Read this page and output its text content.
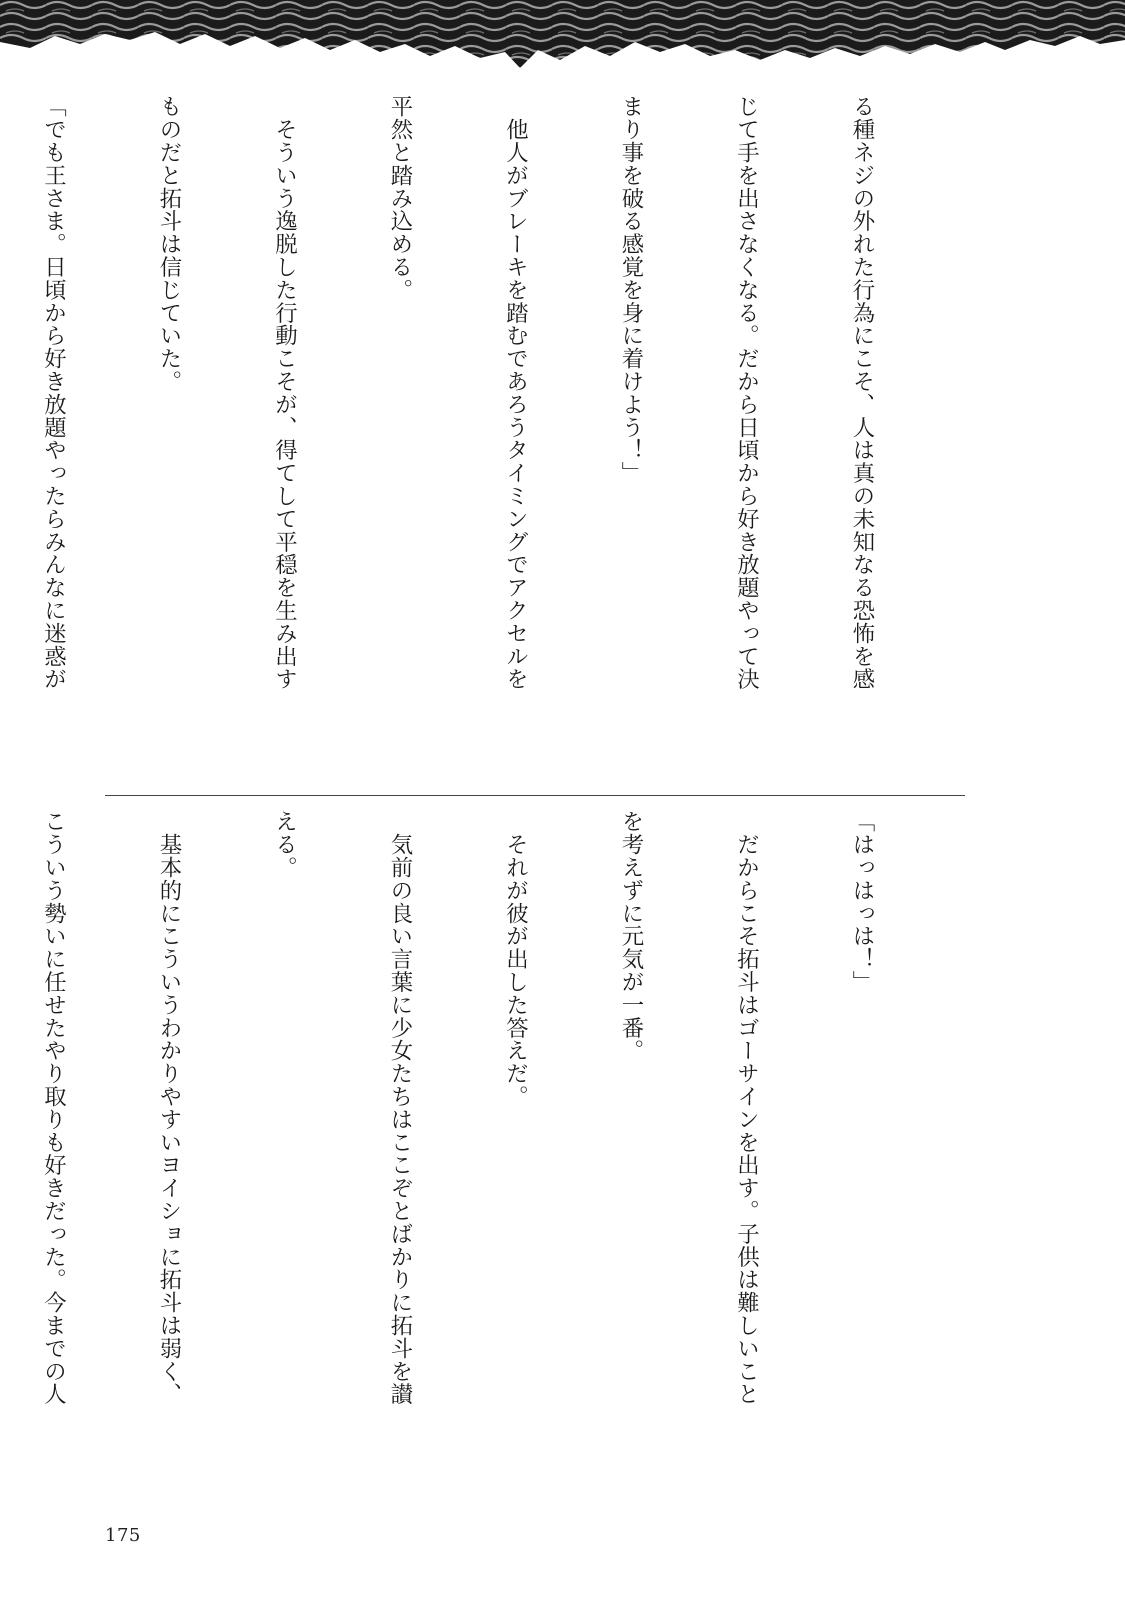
る種ネジの外れた行為にこそ、人は真の未知なる恐怖を感

じて手を出さなくなる。だから日頃から好き放題やって決

まり事を破る感覚を身に着けよう！」

　他人がブレーキを踏むであろうタイミングでアクセルを

平然と踏み込める。

　そういう逸脱した行動こそが、得てして平穏を生み出す

ものだと拓斗は信じていた。

「でも王さま。日頃から好き放題やったらみんなに迷惑が

「はっはっは！」

　だからこそ拓斗はゴーサインを出す。子供は難しいこと

を考えずに元気が一番。

　それが彼が出した答えだ。

　気前の良い言葉に少女たちはここぞとばかりに拓斗を讃

える。

　基本的にこういうわかりやすいヨイショに拓斗は弱く、

こういう勢いに任せたやり取りも好きだった。今までの人

175
